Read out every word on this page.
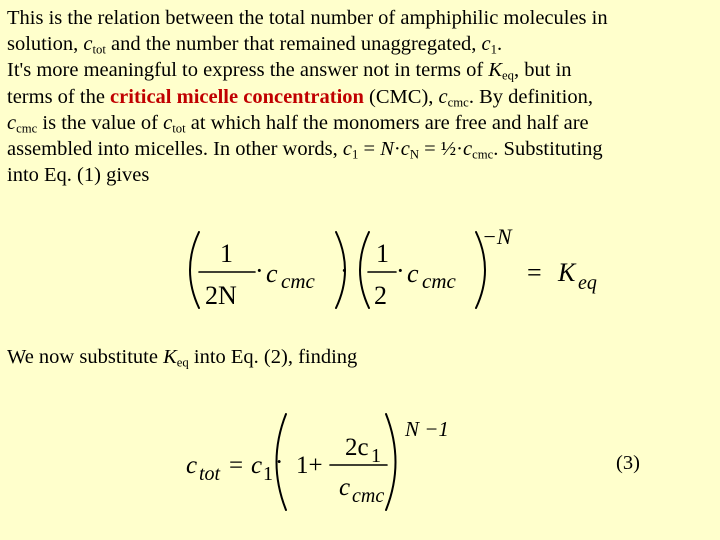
This is the relation between the total number of amphiphilic molecules in
solution, $c_{tot}$ and the number that remained unaggregated, $c_1$.
It's more meaningful to express the answer not in terms of $K_{eq}$, but in
terms of the critical micelle concentration (CMC), $c_{cmc}$. By definition,
$c_{cmc}$ is the value of $c_{tot}$ at which half the monomers are free and half are
assembled into micelles. In other words, $c_1 = N\cdot c_N$ = $\frac{1}{2}\cdot c_{cmc}$. Substituting
into Eq. (1) gives
1
2N
· c cmc ·
1
2
· c cmc
−N
= K eq
We now substitute $K_{eq}$ into Eq. (2), finding
c tot = c 1 · 1+
2c 1
c cmc
N −1
(3)
